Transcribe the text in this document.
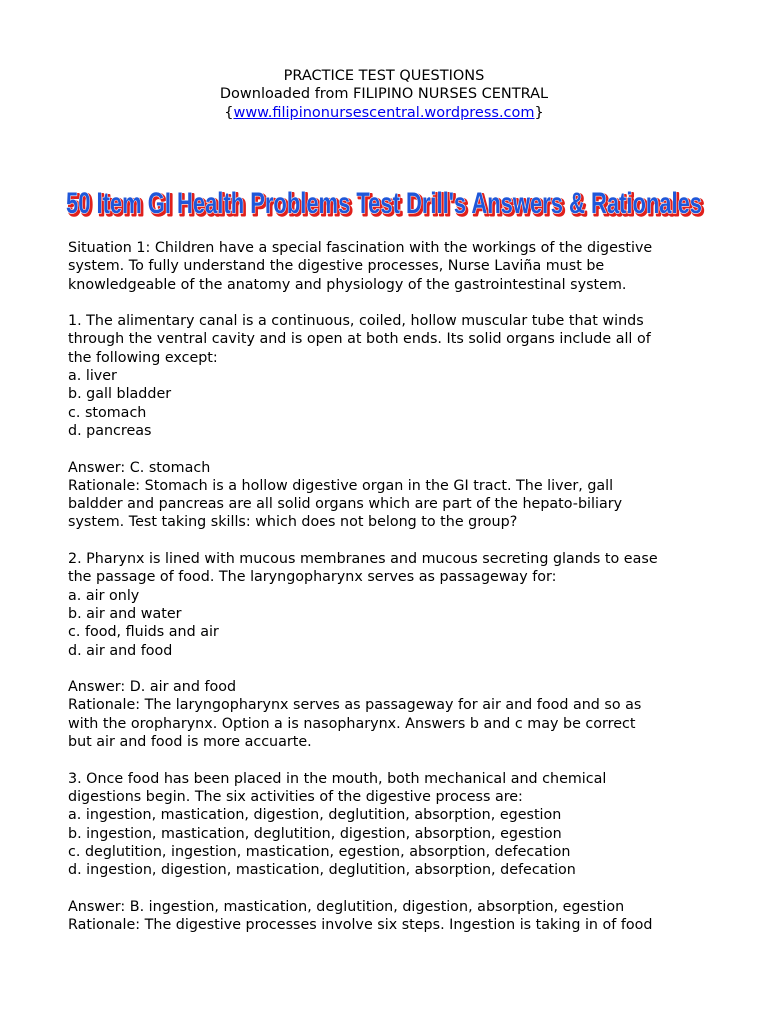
PRACTICE TEST QUESTIONS
Downloaded from FILIPINO NURSES CENTRAL
{www.filipinonursescentral.wordpress.com}
50 Item GI Health Problems Test Drill's Answers & Rationales
50 Item GI Health Problems Test Drill's Answers & Rationales

Situation 1: Children have a special fascination with the workings of the digestive

system. To fully understand the digestive processes, Nurse Laviña must be

knowledgeable of the anatomy and physiology of the gastrointestinal system.

1. The alimentary canal is a continuous, coiled, hollow muscular tube that winds

through the ventral cavity and is open at both ends. Its solid organs include all of

the following except:

a. liver

b. gall bladder

c. stomach

d. pancreas

Answer: C. stomach

Rationale: Stomach is a hollow digestive organ in the GI tract. The liver, gall

baldder and pancreas are all solid organs which are part of the hepato-biliary

system. Test taking skills: which does not belong to the group?

2. Pharynx is lined with mucous membranes and mucous secreting glands to ease

the passage of food. The laryngopharynx serves as passageway for:

a. air only

b. air and water

c. food, fluids and air

d. air and food

Answer: D. air and food

Rationale: The laryngopharynx serves as passageway for air and food and so as

with the oropharynx. Option a is nasopharynx. Answers b and c may be correct

but air and food is more accuarte.

3. Once food has been placed in the mouth, both mechanical and chemical

digestions begin. The six activities of the digestive process are:

a. ingestion, mastication, digestion, deglutition, absorption, egestion

b. ingestion, mastication, deglutition, digestion, absorption, egestion

c. deglutition, ingestion, mastication, egestion, absorption, defecation

d. ingestion, digestion, mastication, deglutition, absorption, defecation

Answer: B. ingestion, mastication, deglutition, digestion, absorption, egestion

Rationale: The digestive processes involve six steps. Ingestion is taking in of food
